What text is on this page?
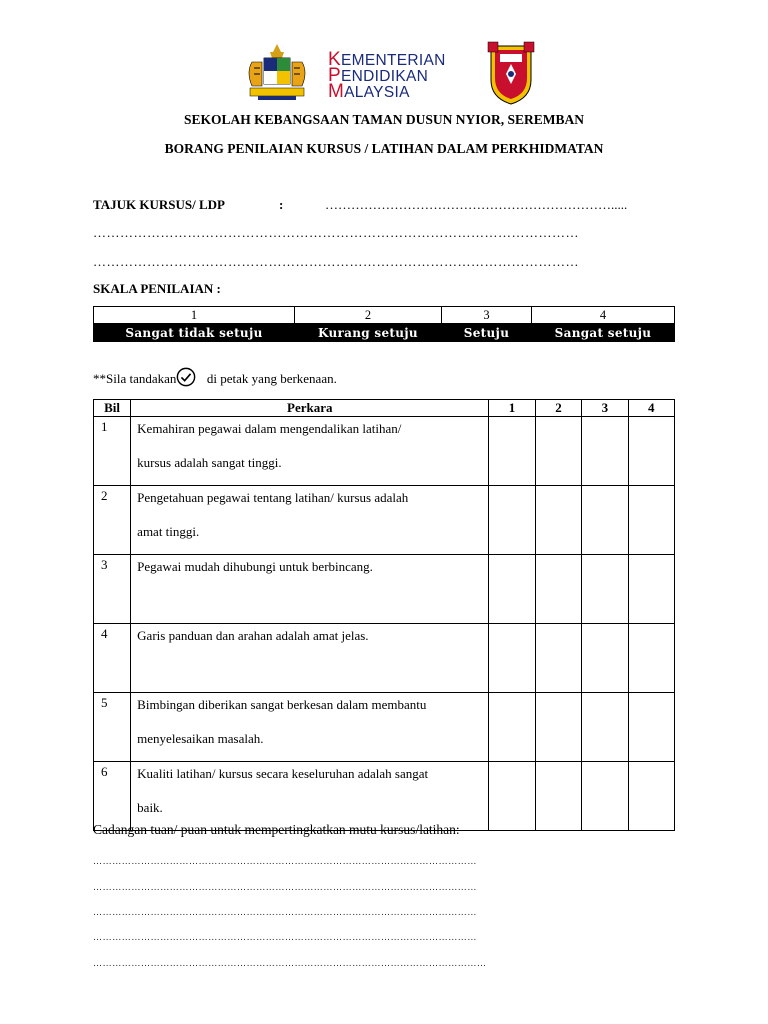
KEMENTERIAN
PENDIDIKAN
MALAYSIA
SEKOLAH KEBANGSAAN TAMAN DUSUN NYIOR, SEREMBAN
BORANG PENILAIAN KURSUS / LATIHAN DALAM PERKHIDMATAN
TAJUK KURSUS/ LDP	:	………………………………………………………….....
………………………………………………………………………………………………
………………………………………………………………………………………………
SKALA PENILAIAN :
1	2	3	4
Sangat tidak setuju	Kurang setuju	Setuju	Sangat setuju
**Sila tandakan di petak yang berkenaan.
Bil	Perkara	1	2	3	4
1	Kemahiran pegawai dalam mengendalikan latihan/
kursus adalah sangat tinggi.				

2	Pengetahuan pegawai tentang latihan/ kursus adalah
amat tinggi.				

3	Pegawai mudah dihubungi untuk berbincang.				

4	Garis panduan dan arahan adalah amat jelas.				

5	Bimbingan diberikan sangat berkesan dalam membantu
menyelesaikan masalah.				

6	Kualiti latihan/ kursus secara keseluruhan adalah sangat
baik.				

Cadangan tuan/ puan untuk mempertingkatkan mutu kursus/latihan:
…………………………………………………………………………………………………………
…………………………………………………………………………………………………………
…………………………………………………………………………………………………………
…………………………………………………………………………………………………………
……………………………………………………………………………………………………………
